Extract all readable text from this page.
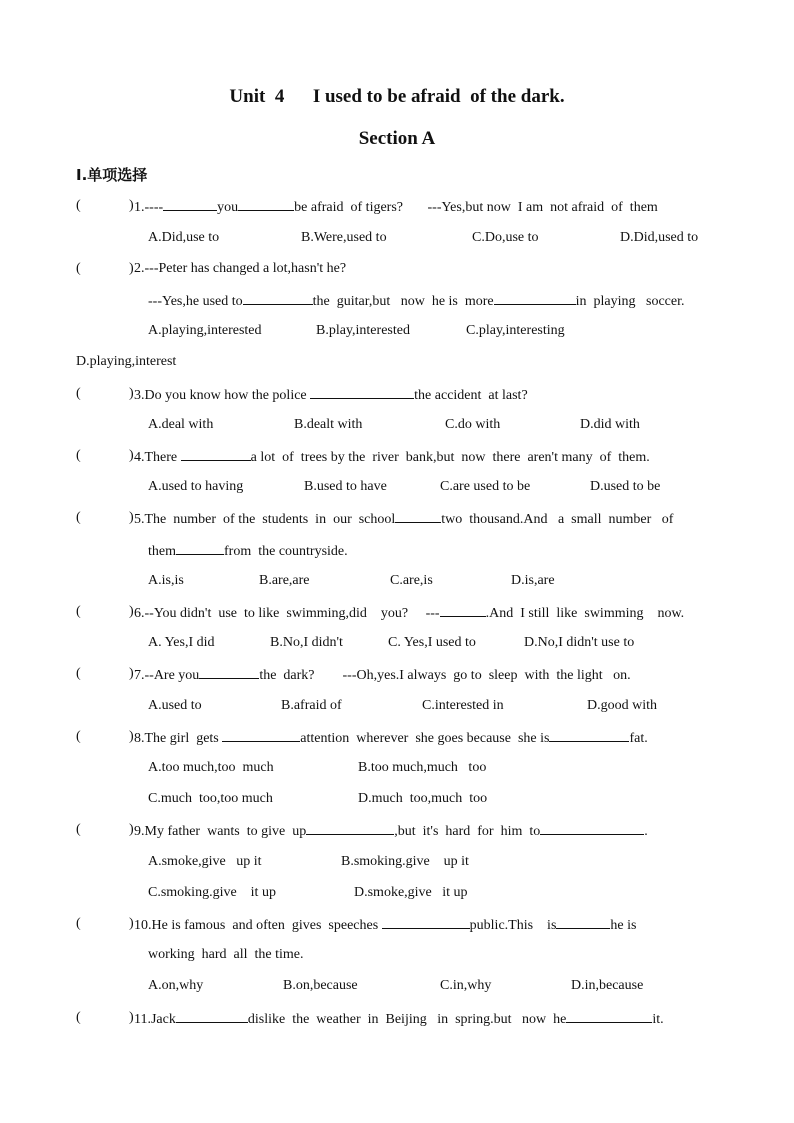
Unit  4      I used to be afraid  of the dark.
Section A
I.单项选择
(	) 1.----	you	be afraid  of tigers?       ---Yes,but now  I am  not afraid  of  them
A.Did,use to	B.Were,used to	C.Do,use to	D.Did,used to
(	) 2.---Peter has changed a lot,hasn't he?
---Yes,he used to	the  guitar,but   now  he is  more	in  playing   soccer.
A.playing,interested	B.play,interested	C.play,interesting
D.playing,interest
(	) 3.Do you know how the police	the accident  at last?
A.deal with	B.dealt with	C.do with	D.did with
(	) 4.There	a lot  of  trees by the  river  bank,but  now  there  aren't many  of  them.
A.used to having	B.used to have	C.are used to be	D.used to be
(	) 5.The  number  of the  students  in  our  school	two  thousand.And   a  small  number   of
them	from  the countryside.
A.is,is	B.are,are	C.are,is	D.is,are
(	) 6.--You didn't  use  to like  swimming,did    you?     ---	.And  I still  like  swimming    now.
A. Yes,I did	B.No,I didn't	C. Yes,I used to	D.No,I didn't use to
(	) 7.--Are you	the  dark?        ---Oh,yes.I always  go to  sleep  with  the light   on.
A.used to	B.afraid of	C.interested in	D.good with
(	) 8.The girl  gets	attention  wherever  she goes because  she is	fat.
A.too much,too  much	B.too much,much   too
C.much  too,too much	D.much  too,much  too
(	) 9.My father  wants  to give  up	,but  it's  hard  for  him  to	.
A.smoke,give   up it	B.smoking.give    up it
C.smoking.give    it up	D.smoke,give   it up
(	) 10.He is famous  and often  gives  speeches	public.This    is	he is
working  hard  all  the time.
A.on,why	B.on,because	C.in,why	D.in,because
(	) 11.Jack	dislike  the  weather  in  Beijing   in  spring.but   now  he	it.
